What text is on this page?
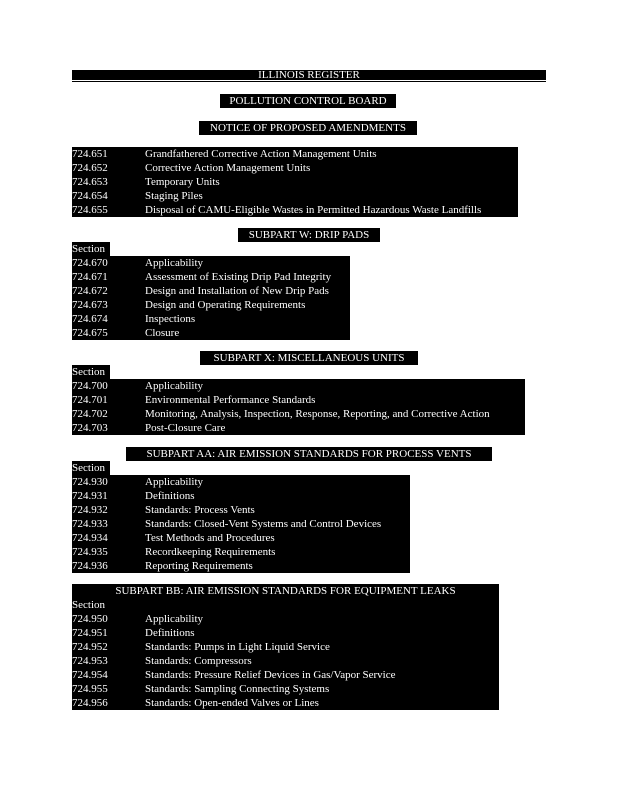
ILLINOIS REGISTER
POLLUTION CONTROL BOARD
NOTICE OF PROPOSED AMENDMENTS
724.651	Grandfathered Corrective Action Management Units
724.652	Corrective Action Management Units
724.653	Temporary Units
724.654	Staging Piles
724.655	Disposal of CAMU-Eligible Wastes in Permitted Hazardous Waste Landfills
SUBPART W: DRIP PADS
Section
724.670	Applicability
724.671	Assessment of Existing Drip Pad Integrity
724.672	Design and Installation of New Drip Pads
724.673	Design and Operating Requirements
724.674	Inspections
724.675	Closure
SUBPART X: MISCELLANEOUS UNITS
Section
724.700	Applicability
724.701	Environmental Performance Standards
724.702	Monitoring, Analysis, Inspection, Response, Reporting, and Corrective Action
724.703	Post-Closure Care
SUBPART AA: AIR EMISSION STANDARDS FOR PROCESS VENTS
Section
724.930	Applicability
724.931	Definitions
724.932	Standards: Process Vents
724.933	Standards: Closed-Vent Systems and Control Devices
724.934	Test Methods and Procedures
724.935	Recordkeeping Requirements
724.936	Reporting Requirements
SUBPART BB: AIR EMISSION STANDARDS FOR EQUIPMENT LEAKS
Section
724.950	Applicability
724.951	Definitions
724.952	Standards: Pumps in Light Liquid Service
724.953	Standards: Compressors
724.954	Standards: Pressure Relief Devices in Gas/Vapor Service
724.955	Standards: Sampling Connecting Systems
724.956	Standards: Open-ended Valves or Lines
